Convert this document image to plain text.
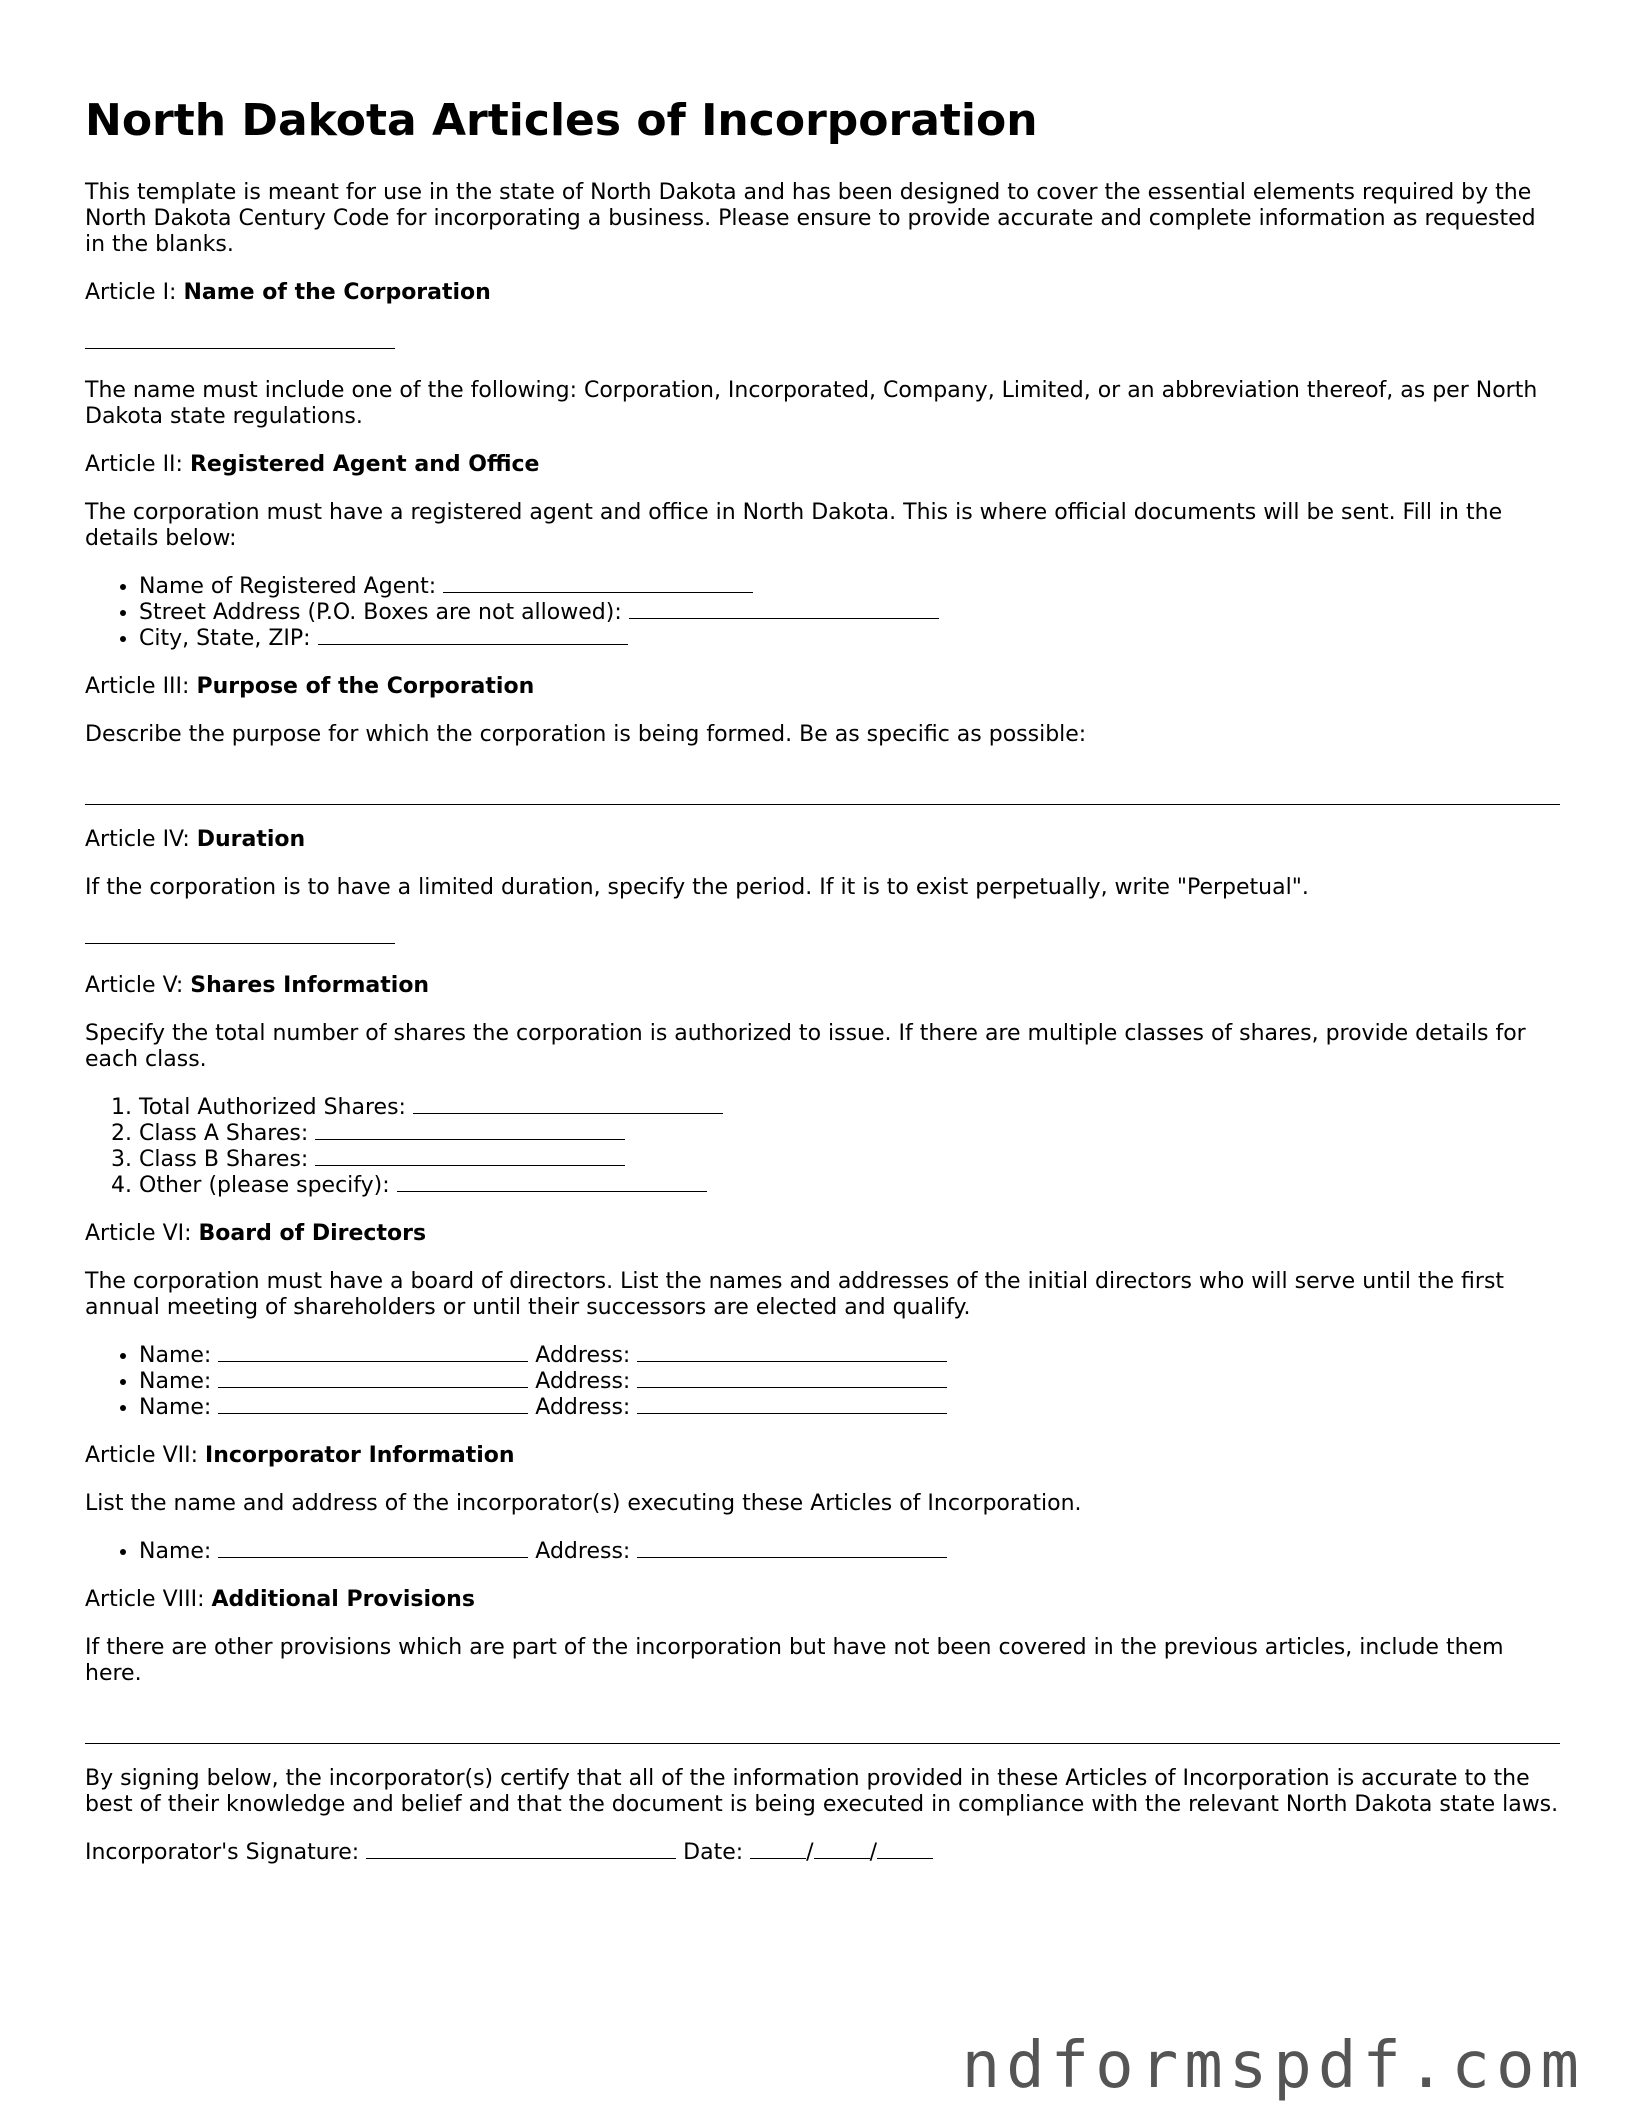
North Dakota Articles of Incorporation

This template is meant for use in the state of North Dakota and has been designed to cover the essential elements required by the North Dakota Century Code for incorporating a business. Please ensure to provide accurate and complete information as requested in the blanks.

Article I: Name of the Corporation

The name must include one of the following: Corporation, Incorporated, Company, Limited, or an abbreviation thereof, as per North Dakota state regulations.

Article II: Registered Agent and Office

The corporation must have a registered agent and office in North Dakota. This is where official documents will be sent. Fill in the details below:

• Name of Registered Agent:
• Street Address (P.O. Boxes are not allowed):
• City, State, ZIP:

Article III: Purpose of the Corporation

Describe the purpose for which the corporation is being formed. Be as specific as possible:

Article IV: Duration

If the corporation is to have a limited duration, specify the period. If it is to exist perpetually, write "Perpetual".

Article V: Shares Information

Specify the total number of shares the corporation is authorized to issue. If there are multiple classes of shares, provide details for each class.

1. Total Authorized Shares:
2. Class A Shares:
3. Class B Shares:
4. Other (please specify):

Article VI: Board of Directors

The corporation must have a board of directors. List the names and addresses of the initial directors who will serve until the first annual meeting of shareholders or until their successors are elected and qualify.

• Name:	Address:
• Name:	Address:
• Name:	Address:

Article VII: Incorporator Information

List the name and address of the incorporator(s) executing these Articles of Incorporation.

• Name:	Address:

Article VIII: Additional Provisions

If there are other provisions which are part of the incorporation but have not been covered in the previous articles, include them here.

By signing below, the incorporator(s) certify that all of the information provided in these Articles of Incorporation is accurate to the best of their knowledge and belief and that the document is being executed in compliance with the relevant North Dakota state laws.

Incorporator's Signature:	Date:	/	/

ndformspdf.com
